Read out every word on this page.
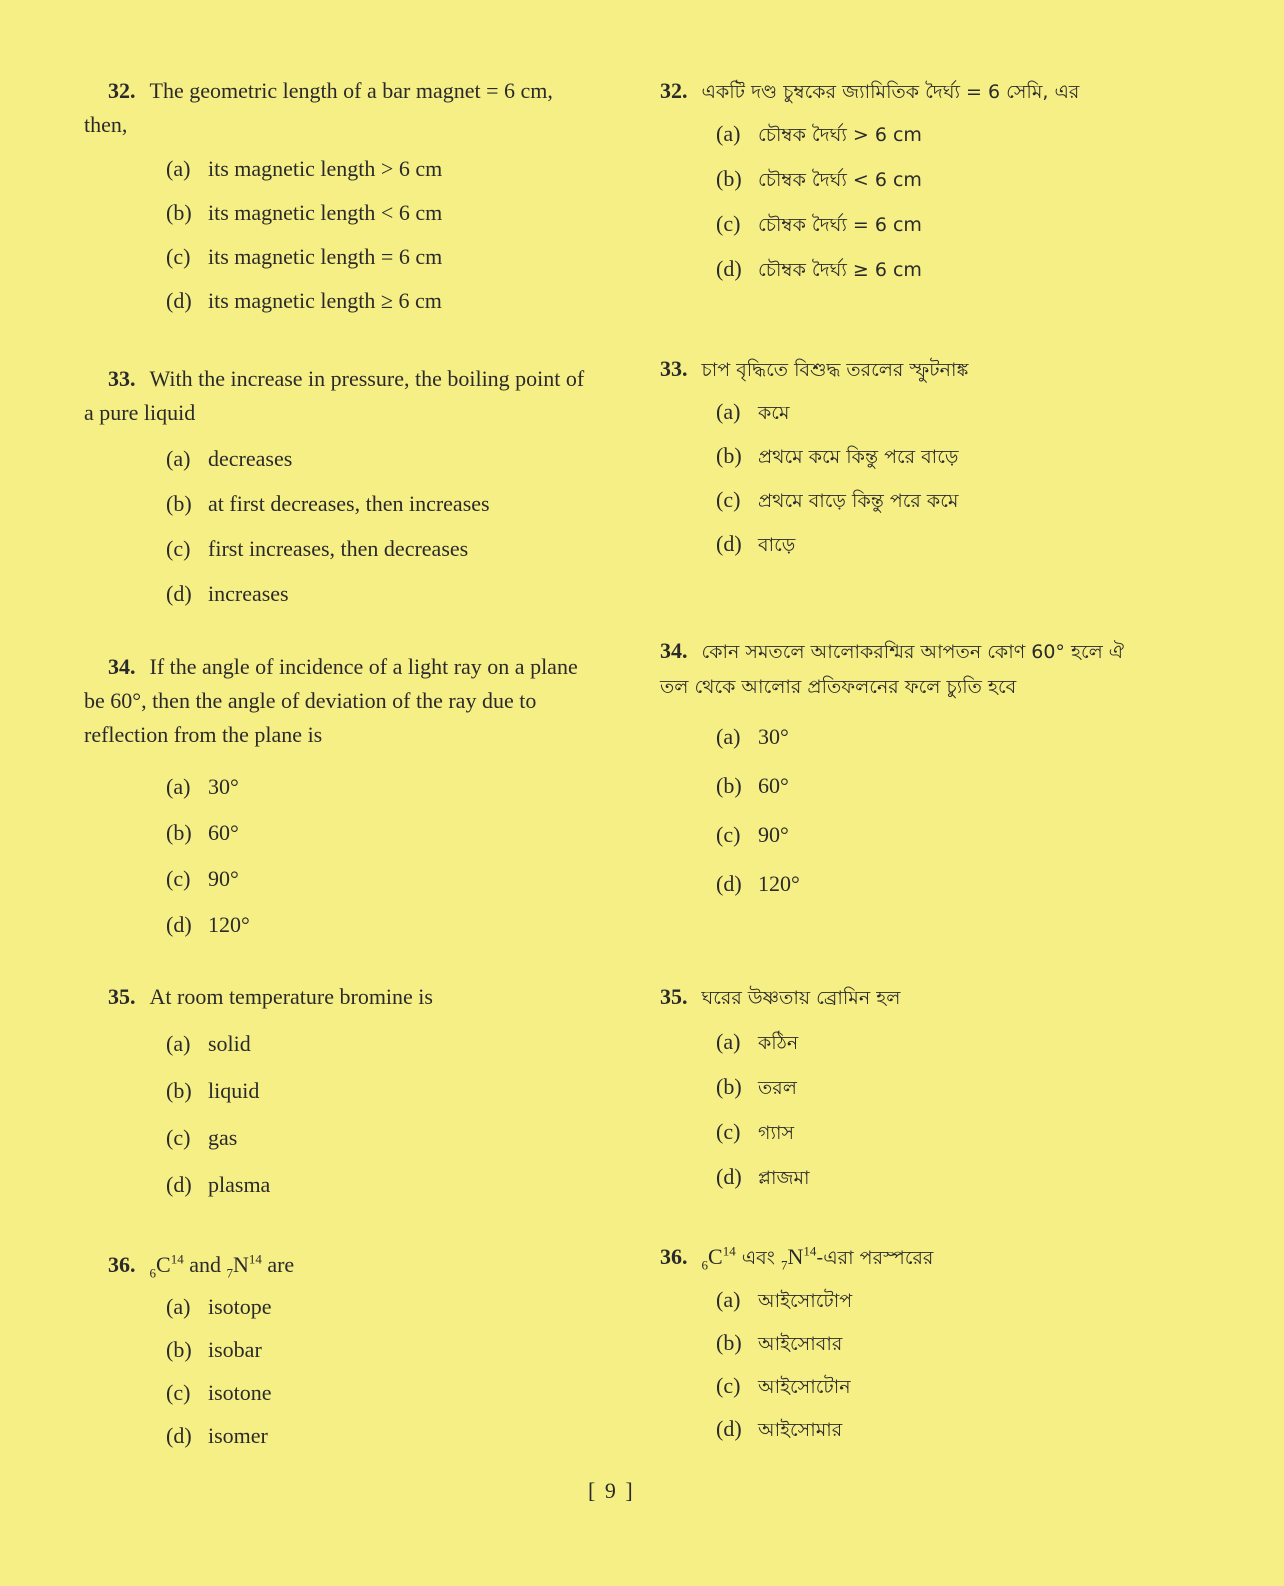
32. The geometric length of a bar magnet = 6 cm, then,

(a) its magnetic length > 6 cm
(b) its magnetic length < 6 cm
(c) its magnetic length = 6 cm
(d) its magnetic length ≥ 6 cm

33. With the increase in pressure, the boiling point of a pure liquid

(a) decreases
(b) at first decreases, then increases
(c) first increases, then decreases
(d) increases

34. If the angle of incidence of a light ray on a plane be 60°, then the angle of deviation of the ray due to reflection from the plane is

(a) 30°
(b) 60°
(c) 90°
(d) 120°

35. At room temperature bromine is

(a) solid
(b) liquid
(c) gas
(d) plasma

36. $_6C^{14}$ and $_7N^{14}$ are

(a) isotope
(b) isobar
(c) isotone
(d) isomer

32. একটি দণ্ড চুম্বকের জ্যামিতিক দৈর্ঘ্য = 6 সেমি, এর

(a) চৌম্বক দৈর্ঘ্য > 6 cm
(b) চৌম্বক দৈর্ঘ্য < 6 cm
(c) চৌম্বক দৈর্ঘ্য = 6 cm
(d) চৌম্বক দৈর্ঘ্য ≥ 6 cm

33. চাপ বৃদ্ধিতে বিশুদ্ধ তরলের স্ফুটনাঙ্ক

(a) কমে
(b) প্রথমে কমে কিন্তু পরে বাড়ে
(c) প্রথমে বাড়ে কিন্তু পরে কমে
(d) বাড়ে

34. কোন সমতলে আলোকরশ্মির আপতন কোণ 60° হলে ঐ তল থেকে আলোর প্রতিফলনের ফলে চ্যুতি হবে

(a) 30°
(b) 60°
(c) 90°
(d) 120°

35. ঘরের উষ্ণতায় ব্রোমিন হল

(a) কঠিন
(b) তরল
(c) গ্যাস
(d) প্লাজমা

36. $_6C^{14}$ এবং $_7N^{14}-এরা$ পরস্পরের

(a) আইসোটোপ
(b) আইসোবার
(c) আইসোটোন
(d) আইসোমার
[ 9 ]
